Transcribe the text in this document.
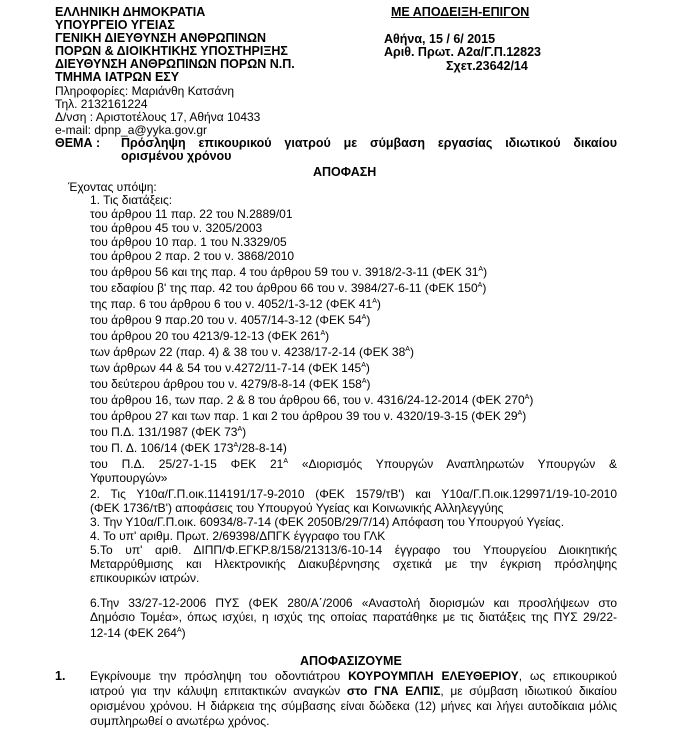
ΕΛΛΗΝΙΚΗ ΔΗΜΟΚΡΑΤΙΑ
ΥΠΟΥΡΓΕΙΟ ΥΓΕΙΑΣ
ΓΕΝΙΚΗ ΔΙΕΥΘΥΝΣΗ ΑΝΘΡΩΠΙΝΩΝ
ΠΟΡΩΝ & ΔΙΟΙΚΗΤΙΚΗΣ ΥΠΟΣΤΗΡΙΞΗΣ
ΔΙΕΥΘΥΝΣΗ ΑΝΘΡΩΠΙΝΩΝ ΠΟΡΩΝ Ν.Π.
ΤΜΗΜΑ ΙΑΤΡΩΝ ΕΣΥ
ΜΕ ΑΠΟΔΕΙΞΗ-ΕΠΙΓΟΝ
Αθήνα, 15 / 6/ 2015
Αριθ. Πρωτ. Α2α/Γ.Π.12823
Σχετ.23642/14
Πληροφορίες: Μαριάνθη Κατσάνη
Τηλ. 2132161224
Δ/νση : Αριστοτέλους 17, Αθήνα 10433
e-mail: dpnp_a@yyka.gov.gr
ΘΕΜΑ : Πρόσληψη επικουρικού γιατρού με σύμβαση εργασίας ιδιωτικού δικαίου
ορισμένου χρόνου
ΑΠΟΦΑΣΗ
Έχοντας υπόψη:
1. Τις διατάξεις:
του άρθρου 11 παρ. 22 του Ν.2889/01
του άρθρου 45 του ν. 3205/2003
του άρθρου 10 παρ. 1 του Ν.3329/05
του άρθρου 2 παρ. 2 του ν. 3868/2010
του άρθρου 56 και της παρ. 4 του άρθρου 59 του ν. 3918/2-3-11 (ΦΕΚ $31^A$)
του εδαφίου β' της παρ. 42 του άρθρου 66 του ν. 3984/27-6-11 (ΦΕΚ $150^A$)
της παρ. 6 του άρθρου 6 του ν. 4052/1-3-12 (ΦΕΚ $41^A$)
του άρθρου 9 παρ.20 του ν. 4057/14-3-12 (ΦΕΚ $54^A$)
του άρθρου 20 του 4213/9-12-13 (ΦΕΚ $261^A$)
των άρθρων 22 (παρ. 4) & 38 του ν. 4238/17-2-14 (ΦΕΚ $38^A$)
των άρθρων 44 & 54 του ν.4272/11-7-14 (ΦΕΚ $145^A$)
του δεύτερου άρθρου του ν. 4279/8-8-14 (ΦΕΚ $158^A$)
του άρθρου 16, των παρ. 2 & 8 του άρθρου 66, του ν. 4316/24-12-2014 (ΦΕΚ $270^A$)
του άρθρου 27 και των παρ. 1 και 2 του άρθρου 39 του ν. 4320/19-3-15 (ΦΕΚ $29^A$)
του Π.Δ. 131/1987 (ΦΕΚ $73^A$)
του Π. Δ. 106/14 (ΦΕΚ $173^A/28-8-14$)
του Π.Δ. 25/27-1-15 ΦΕΚ $21^A$ «Διορισμός Υπουργών Αναπληρωτών Υπουργών &
Υφυπουργών»
2. Τις Υ10α/Γ.Π.οικ.114191/17-9-2010 (ΦΕΚ 1579/τΒ') και Υ10α/Γ.Π.οικ.129971/19-10-2010
(ΦΕΚ 1736/τΒ') αποφάσεις του Υπουργού Υγείας και Κοινωνικής Αλληλεγγύης
3. Την Υ10α/Γ.Π.οικ. 60934/8-7-14 (ΦΕΚ 2050Β/29/7/14) Απόφαση του Υπουργού Υγείας.
4. Το υπ' αριθμ. Πρωτ. 2/69398/ΔΠΓΚ έγγραφο του ΓΛΚ
5.Το υπ' αριθ. ΔΙΠΠ/Φ.ΕΓΚΡ.8/158/21313/6-10-14 έγγραφο του Υπουργείου Διοικητικής
Μεταρρύθμισης και Ηλεκτρονικής Διακυβέρνησης σχετικά με την έγκριση πρόσληψης
επικουρικών ιατρών.
6.Την 33/27-12-2006 ΠΥΣ (ΦΕΚ 280/Α΄/2006 «Αναστολή διορισμών και προσλήψεων στο
Δημόσιο Τομέα», όπως ισχύει, η ισχύς της οποίας παρατάθηκε με τις διατάξεις της ΠΥΣ 29/22-
12-14 (ΦΕΚ $264^A$)
ΑΠΟΦΑΣΙΖΟΥΜΕ
1. Εγκρίνουμε την πρόσληψη του οδοντιάτρου ΚΟΥΡΟΥΜΠΛΗ ΕΛΕΥΘΕΡΙΟΥ, ως επικουρικού
ιατρού για την κάλυψη επιτακτικών αναγκών στο ΓΝΑ ΕΛΠΙΣ, με σύμβαση ιδιωτικού δικαίου
ορισμένου χρόνου. Η διάρκεια της σύμβασης είναι δώδεκα (12) μήνες και λήγει αυτοδίκαια μόλις
συμπληρωθεί ο ανωτέρω χρόνος.
